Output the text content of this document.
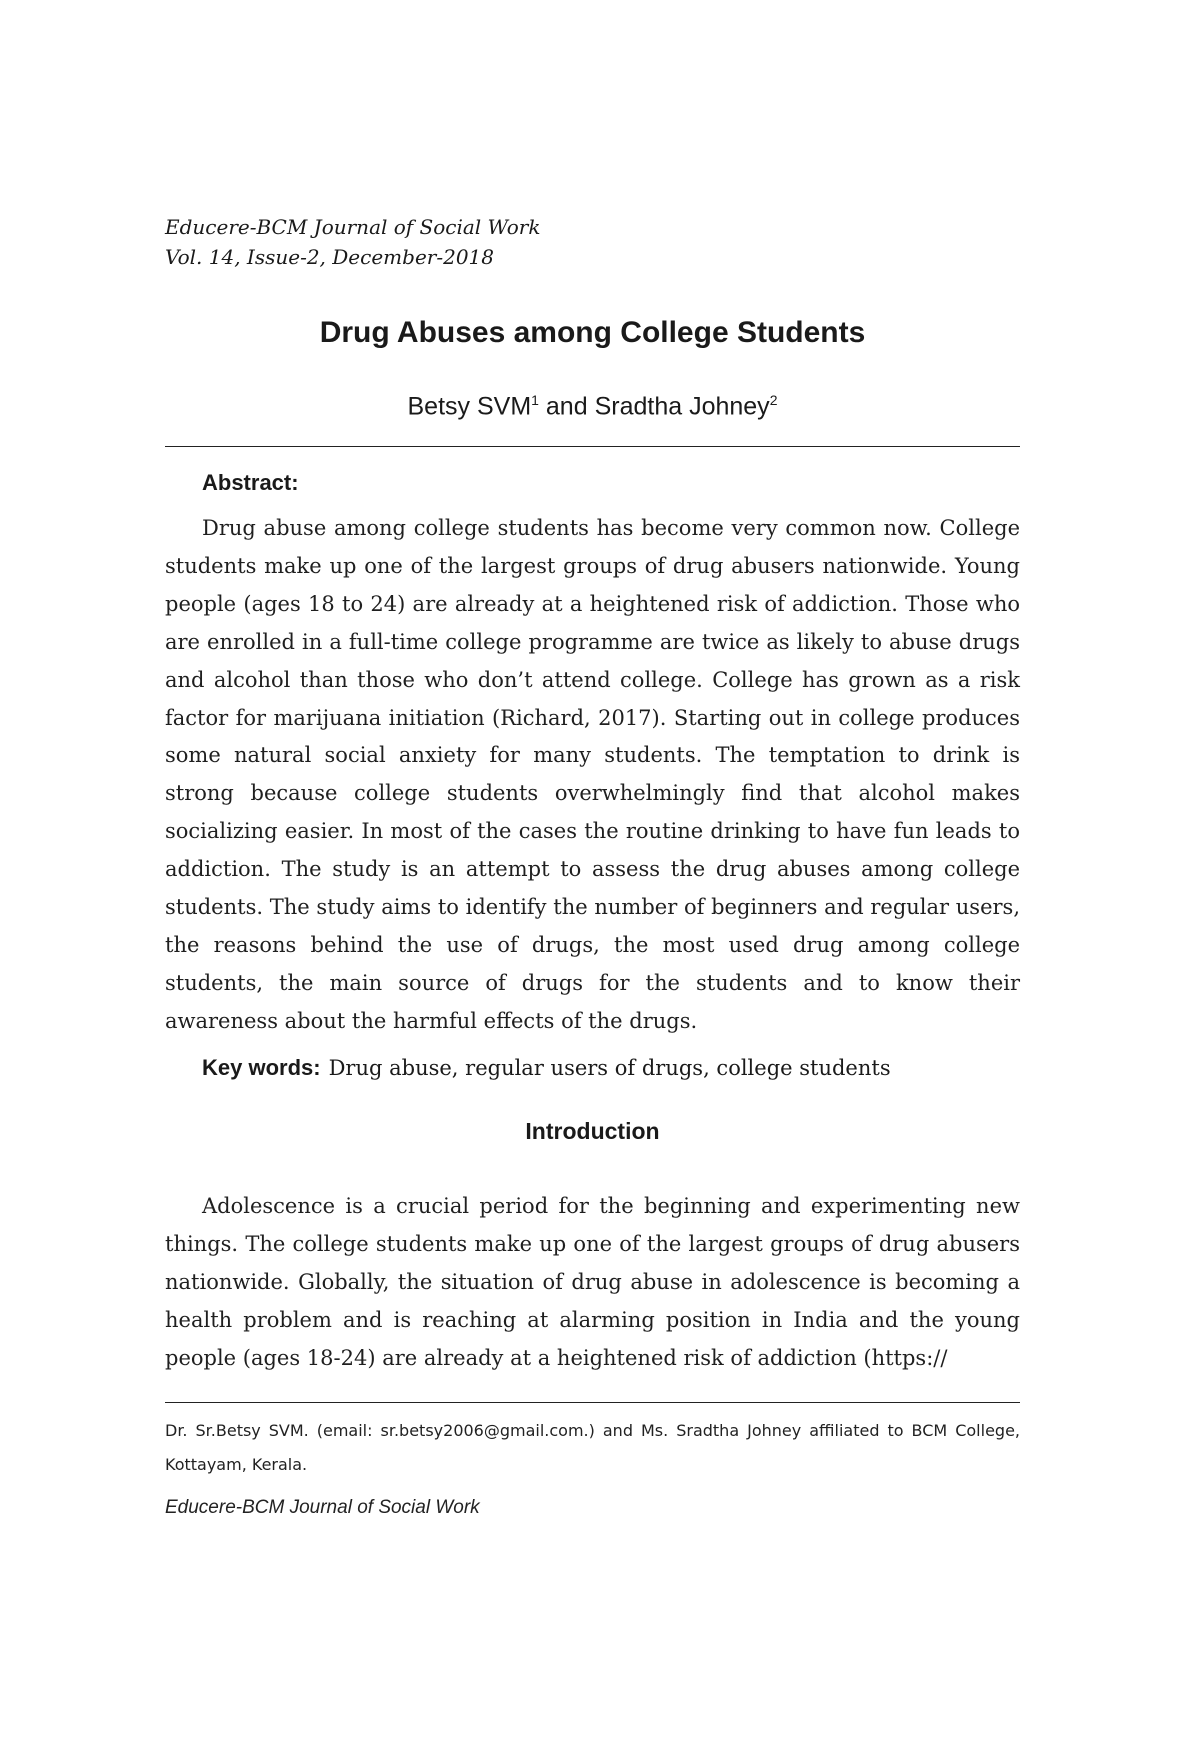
Educere-BCM Journal of Social Work
Vol. 14, Issue-2, December-2018
Drug Abuses among College Students
Betsy SVM$^1$ and Sradtha Johney$^2$
Abstract:

Drug abuse among college students has become very common now. College students make up one of the largest groups of drug abusers nationwide. Young people (ages 18 to 24) are already at a heightened risk of addiction. Those who are enrolled in a full-time college programme are twice as likely to abuse drugs and alcohol than those who don’t attend college. College has grown as a risk factor for marijuana initiation (Richard, 2017). Starting out in college produces some natural social anxiety for many students. The temptation to drink is strong because college students overwhelmingly find that alcohol makes socializing easier. In most of the cases the routine drinking to have fun leads to addiction. The study is an attempt to assess the drug abuses among college students. The study aims to identify the number of beginners and regular users, the reasons behind the use of drugs, the most used drug among college students, the main source of drugs for the students and to know their awareness about the harmful effects of the drugs.

Key words: Drug abuse, regular users of drugs, college students
Introduction

Adolescence is a crucial period for the beginning and experimenting new things. The college students make up one of the largest groups of drug abusers nationwide. Globally, the situation of drug abuse in adolescence is becoming a health problem and is reaching at alarming position in India and the young people (ages 18-24) are already at a heightened risk of addiction (https://

Dr. Sr.Betsy SVM. (email: sr.betsy2006@gmail.com.) and Ms. Sradtha Johney affiliated to BCM College, Kottayam, Kerala.

Educere-BCM Journal of Social Work
